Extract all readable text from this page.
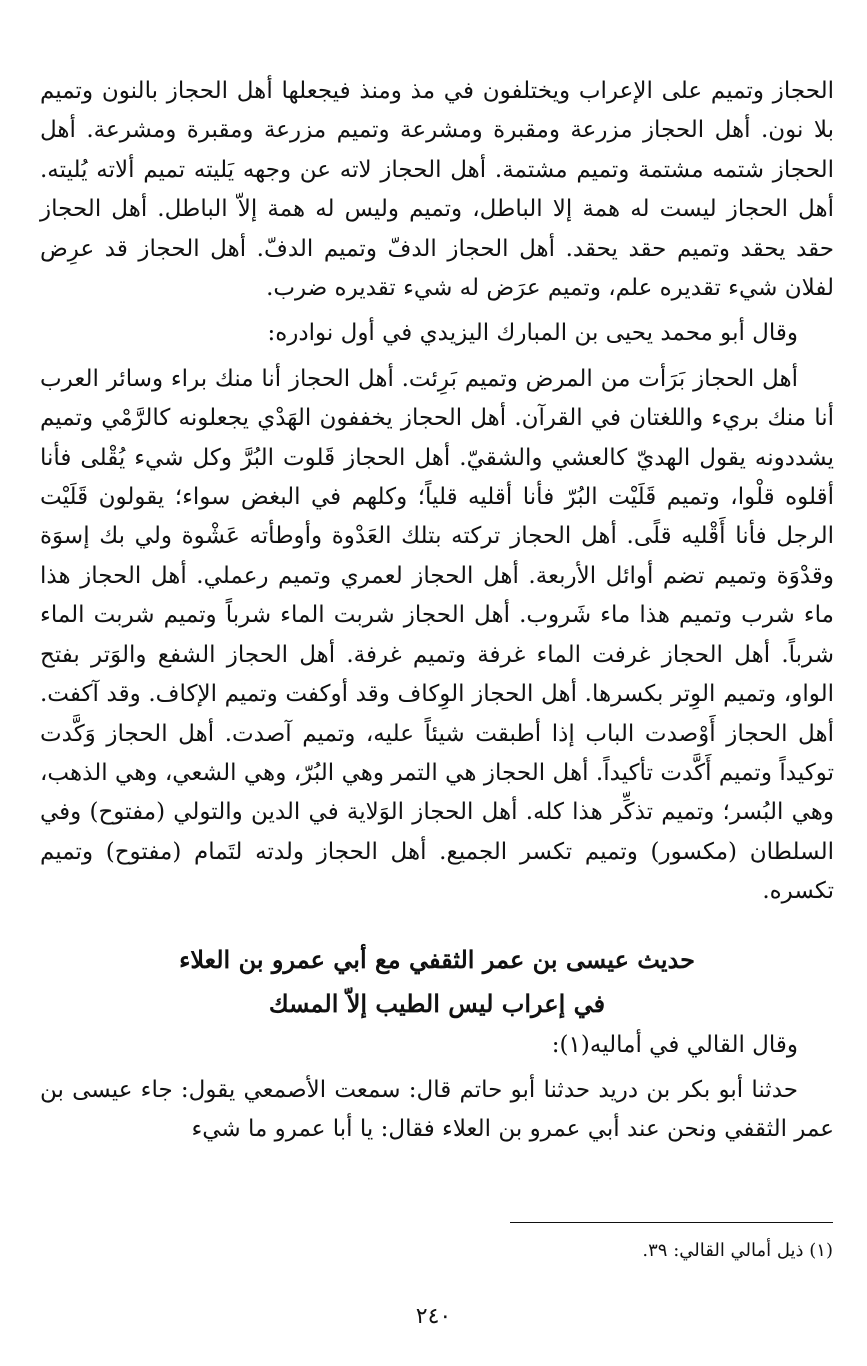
الحجاز وتميم على الإعراب ويختلفون في مذ ومنذ فيجعلها أهل الحجاز بالنون وتميم بلا نون. أهل الحجاز مزرعة ومقبرة ومشرعة وتميم مزرعة ومقبرة ومشرعة. أهل الحجاز شتمه مشتمة وتميم مشتمة. أهل الحجاز لاته عن وجهه يَليته تميم ألاته يُليته. أهل الحجاز ليست له همة إلا الباطل، وتميم وليس له همة إلاّ الباطل. أهل الحجاز حقد يحقد وتميم حقد يحقد. أهل الحجاز الدفّ وتميم الدفّ. أهل الحجاز قد عرِض لفلان شيء تقديره علم، وتميم عرَض له شيء تقديره ضرب.

وقال أبو محمد يحيى بن المبارك اليزيدي في أول نوادره:

أهل الحجاز بَرَأت من المرض وتميم بَرِئت. أهل الحجاز أنا منك براء وسائر العرب أنا منك بريء واللغتان في القرآن. أهل الحجاز يخففون الهَدْي يجعلونه كالرَّمْي وتميم يشددونه يقول الهديّ كالعشي والشقيّ. أهل الحجاز قَلوت البُرَّ وكل شيء يُقْلى فأنا أقلوه قلْوا، وتميم قَلَيْت البُرّ فأنا أقليه قلياً؛ وكلهم في البغض سواء؛ يقولون قَلَيْت الرجل فأنا أَقْليه قلًى. أهل الحجاز تركته بتلك العَدْوة وأوطأته عَشْوة ولي بك إسوَة وقدْوَة وتميم تضم أوائل الأربعة. أهل الحجاز لعمري وتميم رعملي. أهل الحجاز هذا ماء شرب وتميم هذا ماء شَروب. أهل الحجاز شربت الماء شرباً وتميم شربت الماء شرباً. أهل الحجاز غرفت الماء غرفة وتميم غرفة. أهل الحجاز الشفع والوَتر بفتح الواو، وتميم الوِتر بكسرها. أهل الحجاز الوِكاف وقد أوكفت وتميم الإكاف. وقد آكفت. أهل الحجاز أَوْصدت الباب إذا أطبقت شيئاً عليه، وتميم آصدت. أهل الحجاز وَكَّدت توكيداً وتميم أَكَّدت تأكيداً. أهل الحجاز هي التمر وهي البُرّ، وهي الشعي، وهي الذهب، وهي البُسر؛ وتميم تذكِّر هذا كله. أهل الحجاز الوَلاية في الدين والتولي (مفتوح) وفي السلطان (مكسور) وتميم تكسر الجميع. أهل الحجاز ولدته لتَمام (مفتوح) وتميم تكسره.

حديث عيسى بن عمر الثقفي مع أبي عمرو بن العلاء
في إعراب ليس الطيب إلاّ المسك

وقال القالي في أماليه(١):

حدثنا أبو بكر بن دريد حدثنا أبو حاتم قال: سمعت الأصمعي يقول: جاء عيسى بن عمر الثقفي ونحن عند أبي عمرو بن العلاء فقال: يا أبا عمرو ما شيء

(١) ذيل أمالي القالي: ٣٩.

٢٤٠
